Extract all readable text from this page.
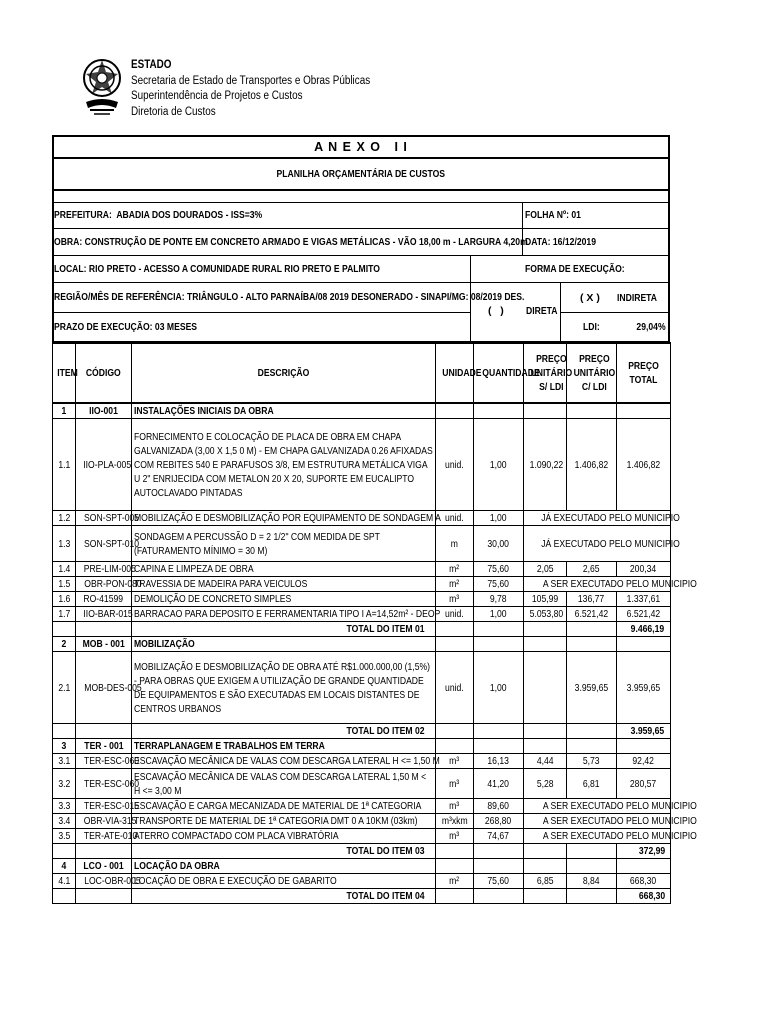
ESTADO
Secretaria de Estado de Transportes e Obras Públicas
Superintendência de Projetos e Custos
Diretoria de Custos
A N E X O   I I
PLANILHA ORÇAMENTÁRIA DE CUSTOS
PREFEITURA:  ABADIA DOS DOURADOS - ISS=3%	FOLHA Nº: 01
OBRA: CONSTRUÇÃO DE PONTE EM CONCRETO ARMADO E VIGAS METÁLICAS - VÃO 18,00 m - LARGURA 4,20m
DATA: 16/12/2019
LOCAL: RIO PRETO - ACESSO A COMUNIDADE RURAL RIO PRETO E PALMITO	FORMA DE EXECUÇÃO:
REGIÃO/MÊS DE REFERÊNCIA: TRIÂNGULO - ALTO PARNAÍBA/08 2019 DESONERADO - SINAPI/MG: 08/2019 DES.
(   ) DIRETA
( X ) INDIRETA
PRAZO DE EXECUÇÃO: 03 MESES	LDI:	29,04%
ITEM	CÓDIGO	DESCRIÇÃO	UNIDADE	QUANTIDADE	PREÇO UNITÁRIO S/ LDI	PREÇO UNITÁRIO C/ LDI	PREÇO TOTAL
1	IIO-001	INSTALAÇÕES INICIAIS DA OBRA					
1.1	IIO-PLA-005	FORNECIMENTO E COLOCAÇÃO DE PLACA DE OBRA EM CHAPA GALVANIZADA (3,00 X 1,5 0 M) - EM CHAPA GALVANIZADA 0.26 AFIXADAS COM REBITES 540 E PARAFUSOS 3/8, EM ESTRUTURA METÁLICA VIGA U 2" ENRIJECIDA COM METALON 20 X 20, SUPORTE EM EUCALIPTO AUTOCLAVADO PINTADAS	unid.	1,00	1.090,22	1.406,82	1.406,82
1.2	SON-SPT-005	MOBILIZAÇÃO E DESMOBILIZAÇÃO POR EQUIPAMENTO DE SONDAGEM A	unid.	1,00	JÁ EXECUTADO PELO MUNICIPIO		
1.3	SON-SPT-010	SONDAGEM A PERCUSSÃO D = 2 1/2" COM MEDIDA DE SPT (FATURAMENTO MÍNIMO = 30 M)	m	30,00	JÁ EXECUTADO PELO MUNICIPIO		
1.4	PRE-LIM-005	CAPINA E LIMPEZA DE OBRA	m²	75,60	2,05	2,65	200,34
1.5	OBR-PON-080	TRAVESSIA DE MADEIRA PARA VEICULOS	m²	75,60	A SER EXECUTADO PELO MUNICIPIO		
1.6	RO-41599	DEMOLIÇÃO DE CONCRETO SIMPLES	m³	9,78	105,99	136,77	1.337,61
1.7	IIO-BAR-015	BARRACAO PARA DEPOSITO E FERRAMENTARIA TIPO I A=14,52m² - DEOP	unid.	1,00	5.053,80	6.521,42	6.521,42
		TOTAL DO ITEM 01					9.466,19
2	MOB - 001	MOBILIZAÇÃO					
2.1	MOB-DES-005	MOBILIZAÇÃO E DESMOBILIZAÇÃO DE OBRA ATÉ R$1.000.000,00 (1,5%) - PARA OBRAS QUE EXIGEM A UTILIZAÇÃO DE GRANDE QUANTIDADE DE EQUIPAMENTOS E SÃO EXECUTADAS EM LOCAIS DISTANTES DE CENTROS URBANOS	unid.	1,00		3.959,65	3.959,65
		TOTAL DO ITEM 02					3.959,65
3	TER - 001	TERRAPLANAGEM E TRABALHOS EM TERRA					
3.1	TER-ESC-060	ESCAVAÇÃO MECÂNICA DE VALAS COM DESCARGA LATERAL H <= 1,50 M	m³	16,13	4,44	5,73	92,42
3.2	TER-ESC-060	ESCAVAÇÃO MECÂNICA DE VALAS COM DESCARGA LATERAL 1,50 M < H <= 3,00 M	m³	41,20	5,28	6,81	280,57
3.3	TER-ESC-015	ESCAVAÇÃO E CARGA MECANIZADA DE MATERIAL DE 1ª CATEGORIA	m³	89,60	A SER EXECUTADO PELO MUNICIPIO		
3.4	OBR-VIA-315	TRANSPORTE DE MATERIAL DE 1ª CATEGORIA DMT 0 A 10KM (03km)	m³xkm	268,80	A SER EXECUTADO PELO MUNICIPIO		
3.5	TER-ATE-010	ATERRO COMPACTADO COM PLACA VIBRATÓRIA	m³	74,67	A SER EXECUTADO PELO MUNICIPIO		
		TOTAL DO ITEM 03					372,99
4	LCO - 001	LOCAÇÃO DA OBRA					
4.1	LOC-OBR-005	LOCAÇÃO DE OBRA E EXECUÇÃO DE GABARITO	m²	75,60	6,85	8,84	668,30
		TOTAL DO ITEM 04					668,30
